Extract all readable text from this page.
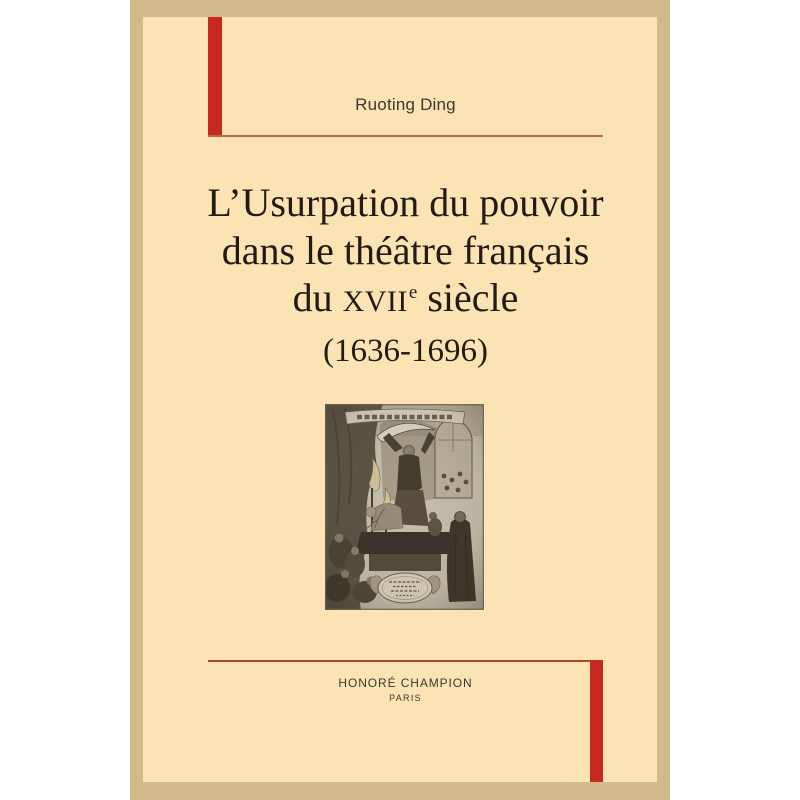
Ruoting Ding
L’Usurpation du pouvoir
dans le théâtre français
du XVIIe siècle
(1636-1696)
HONORÉ CHAMPION
PARIS
